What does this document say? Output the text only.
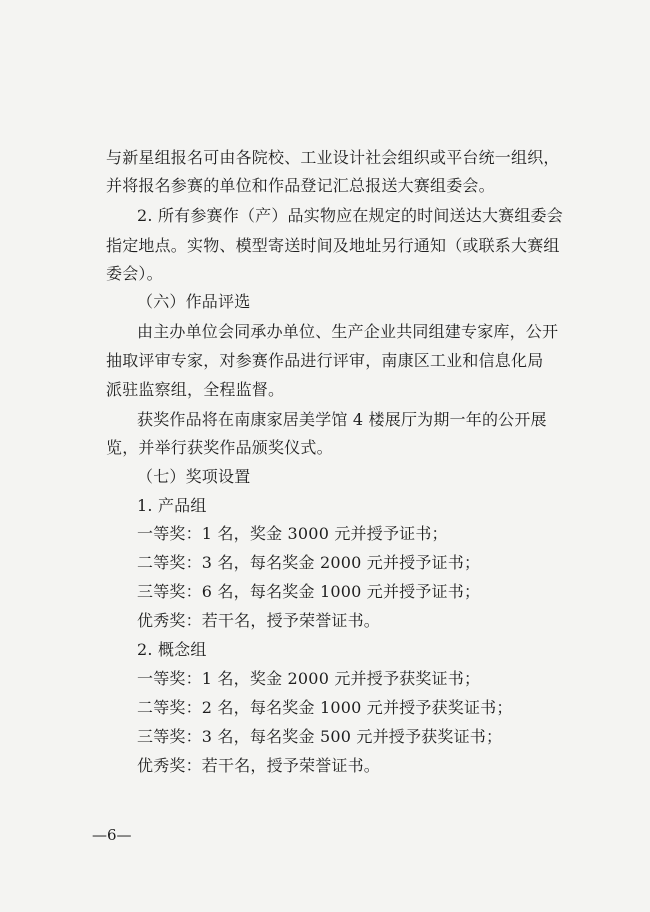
与新星组报名可由各院校、工业设计社会组织或平台统一组织，
并将报名参赛的单位和作品登记汇总报送大赛组委会。
2. 所有参赛作（产）品实物应在规定的时间送达大赛组委会
指定地点。实物、模型寄送时间及地址另行通知（或联系大赛组
委会）。
（六）作品评选
由主办单位会同承办单位、生产企业共同组建专家库，公开
抽取评审专家，对参赛作品进行评审，南康区工业和信息化局
派驻监察组，全程监督。
获奖作品将在南康家居美学馆 4 楼展厅为期一年的公开展
览，并举行获奖作品颁奖仪式。
（七）奖项设置
1. 产品组
一等奖：1 名，奖金 3000 元并授予证书；
二等奖：3 名，每名奖金 2000 元并授予证书；
三等奖：6 名，每名奖金 1000 元并授予证书；
优秀奖：若干名，授予荣誉证书。
2. 概念组
一等奖：1 名，奖金 2000 元并授予获奖证书；
二等奖：2 名，每名奖金 1000 元并授予获奖证书；
三等奖：3 名，每名奖金 500 元并授予获奖证书；
优秀奖：若干名，授予荣誉证书。
—6—
